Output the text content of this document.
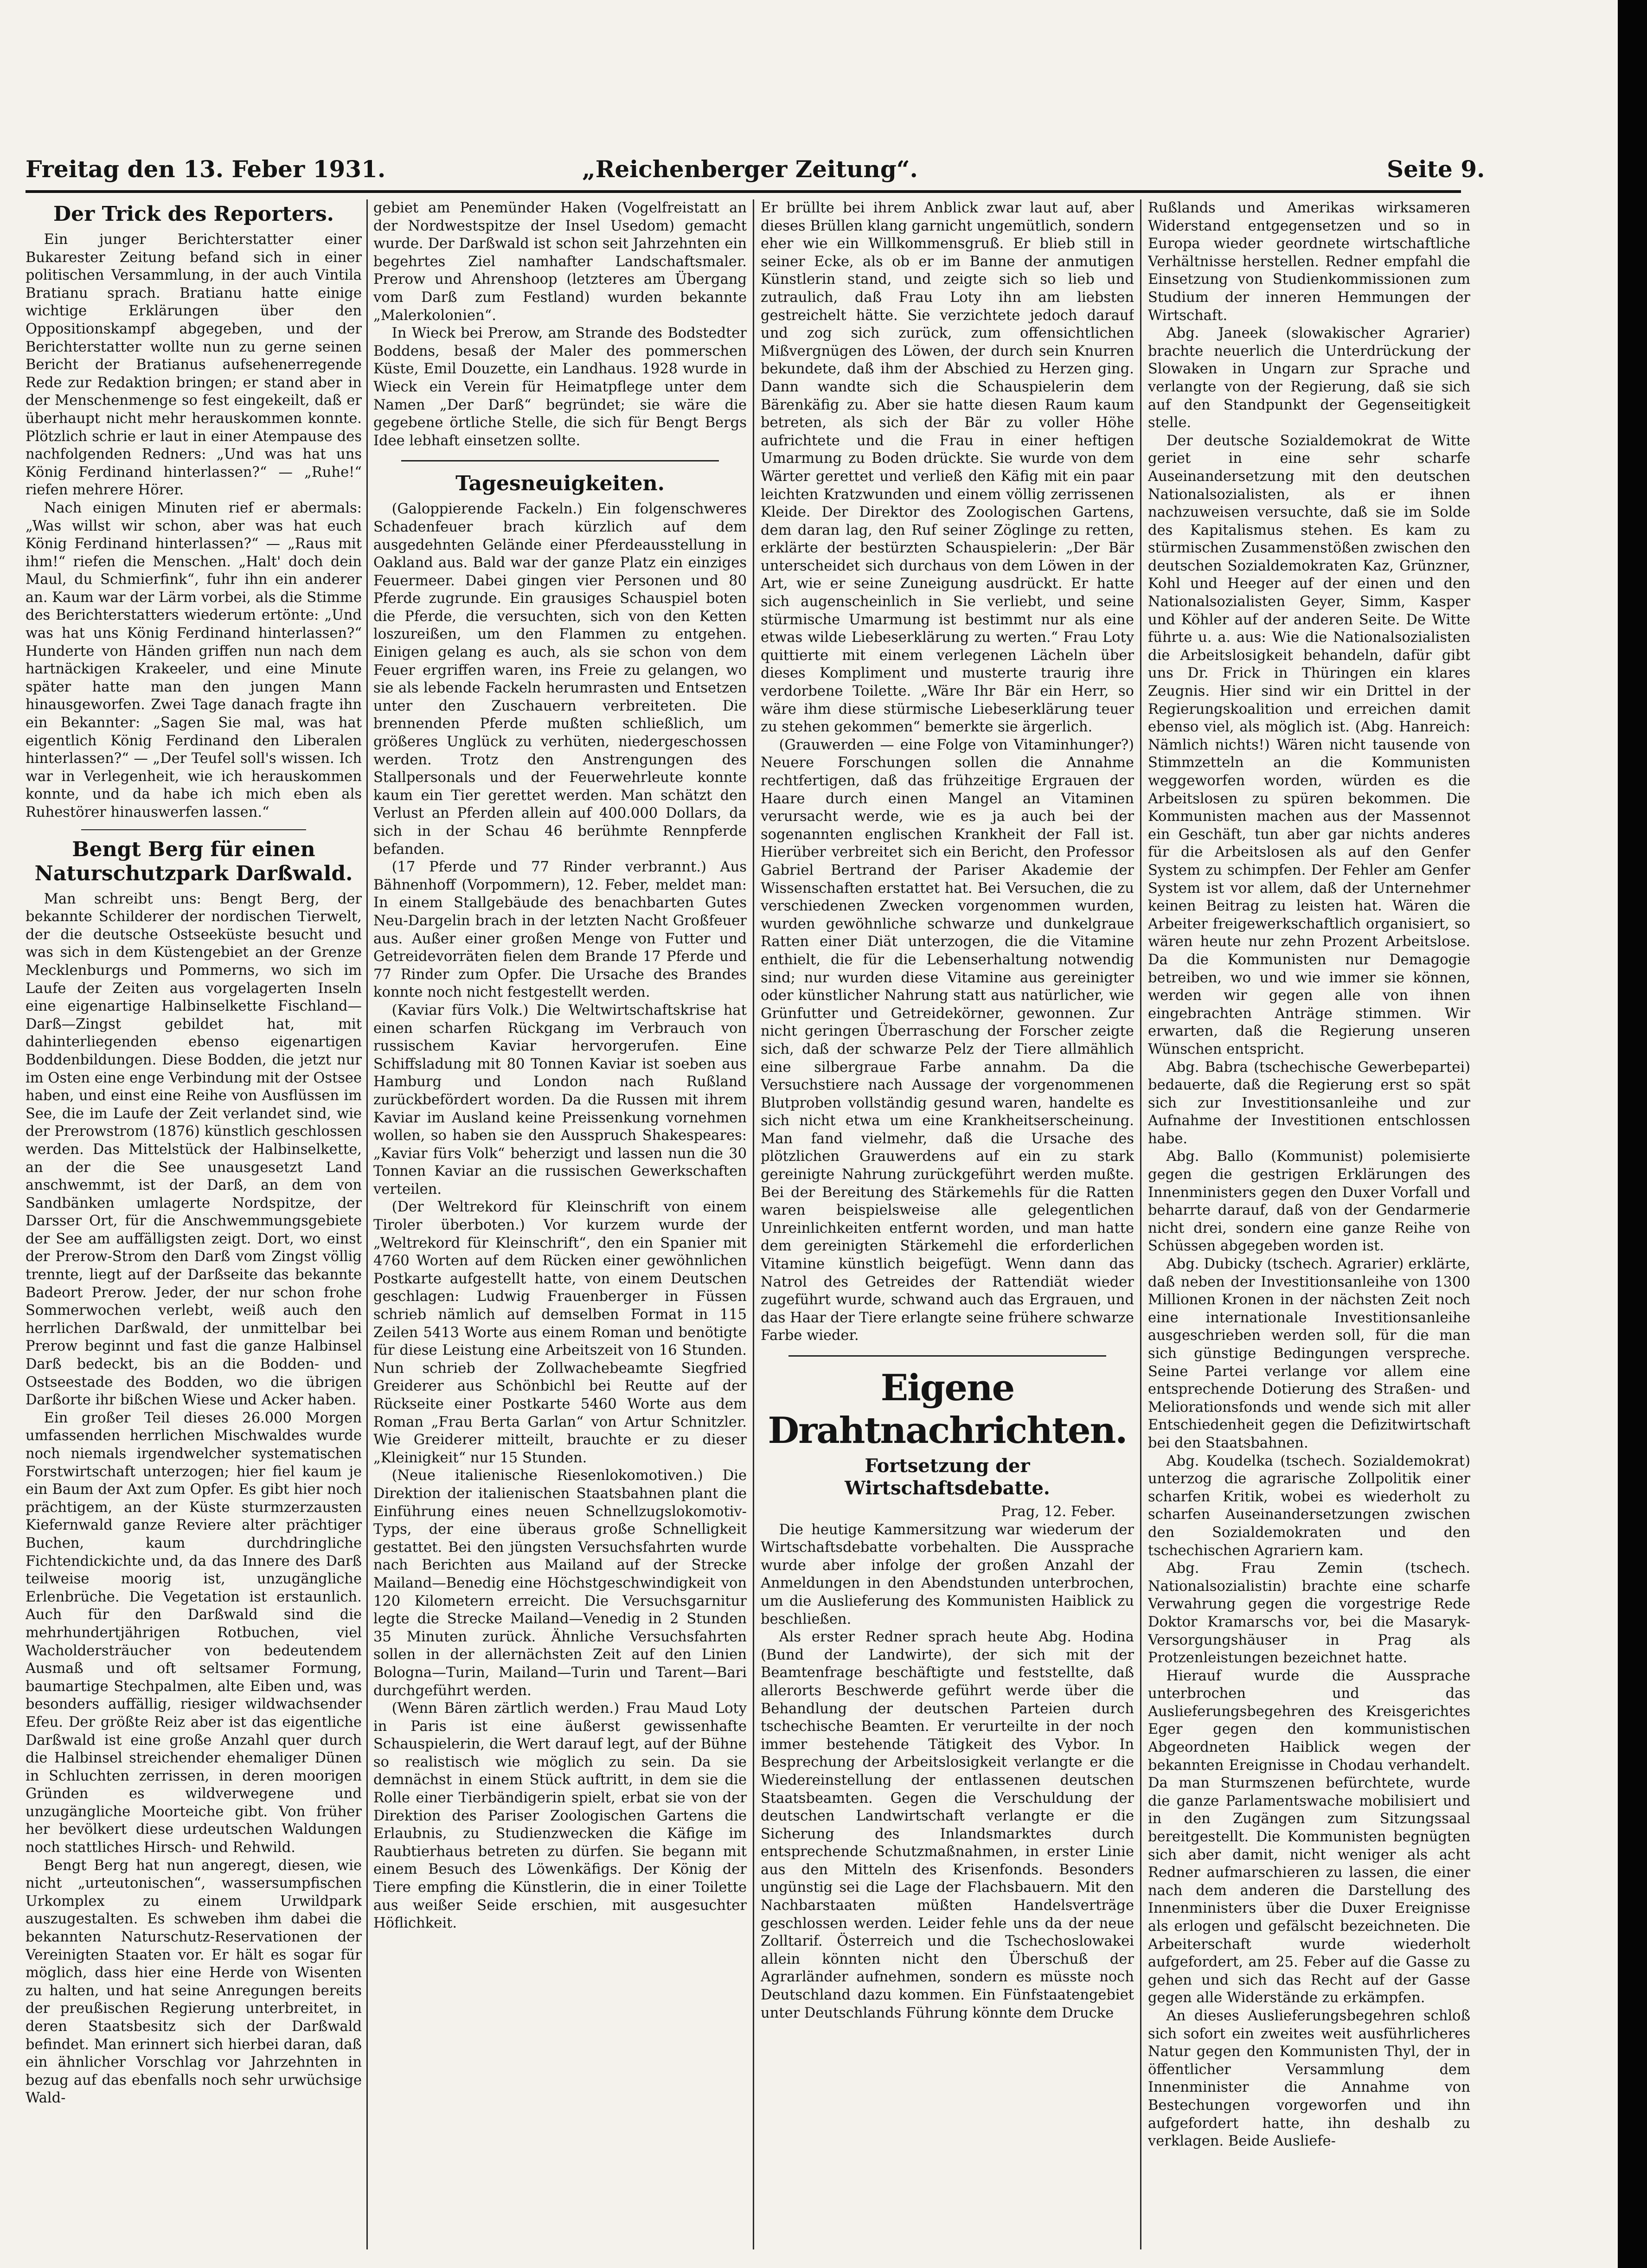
Freitag den 13. Feber 1931.	„Reichenberger Zeitung“.	Seite 9.
Der Trick des Reporters.

Ein junger Berichterstatter einer Bukarester Zeitung befand sich in einer politischen Versammlung, in der auch Vintila Bratianu sprach. Bratianu hatte einige wichtige Erklärungen über den Oppositionskampf abgegeben, und der Berichterstatter wollte nun zu gerne seinen Bericht der Bratianus aufsehenerregende Rede zur Redaktion bringen; er stand aber in der Menschenmenge so fest eingekeilt, daß er überhaupt nicht mehr herauskommen konnte. Plötzlich schrie er laut in einer Atempause des nachfolgenden Redners: „Und was hat uns König Ferdinand hinterlassen?“ — „Ruhe!“ riefen mehrere Hörer.

Nach einigen Minuten rief er abermals: „Was willst wir schon, aber was hat euch König Ferdinand hinterlassen?“ — „Raus mit ihm!“ riefen die Menschen. „Halt' doch dein Maul, du Schmierfink“, fuhr ihn ein anderer an. Kaum war der Lärm vorbei, als die Stimme des Berichterstatters wiederum ertönte: „Und was hat uns König Ferdinand hinterlassen?“ Hunderte von Händen griffen nun nach dem hartnäckigen Krakeeler, und eine Minute später hatte man den jungen Mann hinausgeworfen. Zwei Tage danach fragte ihn ein Bekannter: „Sagen Sie mal, was hat eigentlich König Ferdinand den Liberalen hinterlassen?“ — „Der Teufel soll's wissen. Ich war in Verlegenheit, wie ich herauskommen konnte, und da habe ich mich eben als Ruhestörer hinauswerfen lassen.“

Bengt Berg für einen Naturschutzpark Darßwald.

Man schreibt uns: Bengt Berg, der bekannte Schilderer der nordischen Tierwelt, der die deutsche Ostseeküste besucht und was sich in dem Küstengebiet an der Grenze Mecklenburgs und Pommerns, wo sich im Laufe der Zeiten aus vorgelagerten Inseln eine eigenartige Halbinselkette Fischland—Darß—Zingst gebildet hat, mit dahinterliegenden ebenso eigenartigen Boddenbildungen. Diese Bodden, die jetzt nur im Osten eine enge Verbindung mit der Ostsee haben, und einst eine Reihe von Ausflüssen im See, die im Laufe der Zeit verlandet sind, wie der Prerowstrom (1876) künstlich geschlossen werden. Das Mittelstück der Halbinselkette, an der die See unausgesetzt Land anschwemmt, ist der Darß, an dem von Sandbänken umlagerte Nordspitze, der Darsser Ort, für die Anschwemmungsgebiete der See am auffälligsten zeigt. Dort, wo einst der Prerow-Strom den Darß vom Zingst völlig trennte, liegt auf der Darßseite das bekannte Badeort Prerow. Jeder, der nur schon frohe Sommerwochen verlebt, weiß auch den herrlichen Darßwald, der unmittelbar bei Prerow beginnt und fast die ganze Halbinsel Darß bedeckt, bis an die Bodden- und Ostseestade des Bodden, wo die übrigen Darßorte ihr bißchen Wiese und Acker haben.

Ein großer Teil dieses 26.000 Morgen umfassenden herrlichen Mischwaldes wurde noch niemals irgendwelcher systematischen Forstwirtschaft unterzogen; hier fiel kaum je ein Baum der Axt zum Opfer. Es gibt hier noch prächtigem, an der Küste sturmzerzausten Kiefernwald ganze Reviere alter prächtiger Buchen, kaum durchdringliche Fichtendickichte und, da das Innere des Darß teilweise moorig ist, unzugängliche Erlenbrüche. Die Vegetation ist erstaunlich. Auch für den Darßwald sind die mehrhundertjährigen Rotbuchen, viel Wacholdersträucher von bedeutendem Ausmaß und oft seltsamer Formung, baumartige Stechpalmen, alte Eiben und, was besonders auffällig, riesiger wildwachsender Efeu. Der größte Reiz aber ist das eigentliche Darßwald ist eine große Anzahl quer durch die Halbinsel streichender ehemaliger Dünen in Schluchten zerrissen, in deren moorigen Gründen es wildverwegene und unzugängliche Moorteiche gibt. Von früher her bevölkert diese urdeutschen Waldungen noch stattliches Hirsch- und Rehwild.

Bengt Berg hat nun angeregt, diesen, wie nicht „urteutonischen“, wassersumpfischen Urkomplex zu einem Urwildpark auszugestalten. Es schweben ihm dabei die bekannten Naturschutz-Reservationen der Vereinigten Staaten vor. Er hält es sogar für möglich, dass hier eine Herde von Wisenten zu halten, und hat seine Anregungen bereits der preußischen Regierung unterbreitet, in deren Staatsbesitz sich der Darßwald befindet. Man erinnert sich hierbei daran, daß ein ähnlicher Vorschlag vor Jahrzehnten in bezug auf das ebenfalls noch sehr urwüchsige Wald-

gebiet am Penemünder Haken (Vogelfreistatt an der Nordwestspitze der Insel Usedom) gemacht wurde. Der Darßwald ist schon seit Jahrzehnten ein begehrtes Ziel namhafter Landschaftsmaler. Prerow und Ahrenshoop (letzteres am Übergang vom Darß zum Festland) wurden bekannte „Malerkolonien“.

In Wieck bei Prerow, am Strande des Bodstedter Boddens, besaß der Maler des pommerschen Küste, Emil Douzette, ein Landhaus. 1928 wurde in Wieck ein Verein für Heimatpflege unter dem Namen „Der Darß“ begründet; sie wäre die gegebene örtliche Stelle, die sich für Bengt Bergs Idee lebhaft einsetzen sollte.

Tagesneuigkeiten.

(Galoppierende Fackeln.) Ein folgenschweres Schadenfeuer brach kürzlich auf dem ausgedehnten Gelände einer Pferdeausstellung in Oakland aus. Bald war der ganze Platz ein einziges Feuermeer. Dabei gingen vier Personen und 80 Pferde zugrunde. Ein grausiges Schauspiel boten die Pferde, die versuchten, sich von den Ketten loszureißen, um den Flammen zu entgehen. Einigen gelang es auch, als sie schon von dem Feuer ergriffen waren, ins Freie zu gelangen, wo sie als lebende Fackeln herumrasten und Entsetzen unter den Zuschauern verbreiteten. Die brennenden Pferde mußten schließlich, um größeres Unglück zu verhüten, niedergeschossen werden. Trotz den Anstrengungen des Stallpersonals und der Feuerwehrleute konnte kaum ein Tier gerettet werden. Man schätzt den Verlust an Pferden allein auf 400.000 Dollars, da sich in der Schau 46 berühmte Rennpferde befanden.

(17 Pferde und 77 Rinder verbrannt.) Aus Bähnenhoff (Vorpommern), 12. Feber, meldet man: In einem Stallgebäude des benachbarten Gutes Neu-Dargelin brach in der letzten Nacht Großfeuer aus. Außer einer großen Menge von Futter und Getreidevorräten fielen dem Brande 17 Pferde und 77 Rinder zum Opfer. Die Ursache des Brandes konnte noch nicht festgestellt werden.

(Kaviar fürs Volk.) Die Weltwirtschaftskrise hat einen scharfen Rückgang im Verbrauch von russischem Kaviar hervorgerufen. Eine Schiffsladung mit 80 Tonnen Kaviar ist soeben aus Hamburg und London nach Rußland zurückbefördert worden. Da die Russen mit ihrem Kaviar im Ausland keine Preissenkung vornehmen wollen, so haben sie den Ausspruch Shakespeares: „Kaviar fürs Volk“ beherzigt und lassen nun die 30 Tonnen Kaviar an die russischen Gewerkschaften verteilen.

(Der Weltrekord für Kleinschrift von einem Tiroler überboten.) Vor kurzem wurde der „Weltrekord für Kleinschrift“, den ein Spanier mit 4760 Worten auf dem Rücken einer gewöhnlichen Postkarte aufgestellt hatte, von einem Deutschen geschlagen: Ludwig Frauenberger in Füssen schrieb nämlich auf demselben Format in 115 Zeilen 5413 Worte aus einem Roman und benötigte für diese Leistung eine Arbeitszeit von 16 Stunden. Nun schrieb der Zollwachebeamte Siegfried Greiderer aus Schönbichl bei Reutte auf der Rückseite einer Postkarte 5460 Worte aus dem Roman „Frau Berta Garlan“ von Artur Schnitzler. Wie Greiderer mitteilt, brauchte er zu dieser „Kleinigkeit“ nur 15 Stunden.

(Neue italienische Riesenlokomotiven.) Die Direktion der italienischen Staatsbahnen plant die Einführung eines neuen Schnellzugslokomotiv-Typs, der eine überaus große Schnelligkeit gestattet. Bei den jüngsten Versuchsfahrten wurde nach Berichten aus Mailand auf der Strecke Mailand—Benedig eine Höchstgeschwindigkeit von 120 Kilometern erreicht. Die Versuchsgarnitur legte die Strecke Mailand—Venedig in 2 Stunden 35 Minuten zurück. Ähnliche Versuchsfahrten sollen in der allernächsten Zeit auf den Linien Bologna—Turin, Mailand—Turin und Tarent—Bari durchgeführt werden.

(Wenn Bären zärtlich werden.) Frau Maud Loty in Paris ist eine äußerst gewissenhafte Schauspielerin, die Wert darauf legt, auf der Bühne so realistisch wie möglich zu sein. Da sie demnächst in einem Stück auftritt, in dem sie die Rolle einer Tierbändigerin spielt, erbat sie von der Direktion des Pariser Zoologischen Gartens die Erlaubnis, zu Studienzwecken die Käfige im Raubtierhaus betreten zu dürfen. Sie begann mit einem Besuch des Löwenkäfigs. Der König der Tiere empfing die Künstlerin, die in einer Toilette aus weißer Seide erschien, mit ausgesuchter Höflichkeit.

Er brüllte bei ihrem Anblick zwar laut auf, aber dieses Brüllen klang garnicht ungemütlich, sondern eher wie ein Willkommensgruß. Er blieb still in seiner Ecke, als ob er im Banne der anmutigen Künstlerin stand, und zeigte sich so lieb und zutraulich, daß Frau Loty ihn am liebsten gestreichelt hätte. Sie verzichtete jedoch darauf und zog sich zurück, zum offensichtlichen Mißvergnügen des Löwen, der durch sein Knurren bekundete, daß ihm der Abschied zu Herzen ging. Dann wandte sich die Schauspielerin dem Bärenkäfig zu. Aber sie hatte diesen Raum kaum betreten, als sich der Bär zu voller Höhe aufrichtete und die Frau in einer heftigen Umarmung zu Boden drückte. Sie wurde von dem Wärter gerettet und verließ den Käfig mit ein paar leichten Kratzwunden und einem völlig zerrissenen Kleide. Der Direktor des Zoologischen Gartens, dem daran lag, den Ruf seiner Zöglinge zu retten, erklärte der bestürzten Schauspielerin: „Der Bär unterscheidet sich durchaus von dem Löwen in der Art, wie er seine Zuneigung ausdrückt. Er hatte sich augenscheinlich in Sie verliebt, und seine stürmische Umarmung ist bestimmt nur als eine etwas wilde Liebeserklärung zu werten.“ Frau Loty quittierte mit einem verlegenen Lächeln über dieses Kompliment und musterte traurig ihre verdorbene Toilette. „Wäre Ihr Bär ein Herr, so wäre ihm diese stürmische Liebeserklärung teuer zu stehen gekommen“ bemerkte sie ärgerlich.

(Grauwerden — eine Folge von Vitaminhunger?) Neuere Forschungen sollen die Annahme rechtfertigen, daß das frühzeitige Ergrauen der Haare durch einen Mangel an Vitaminen verursacht werde, wie es ja auch bei der sogenannten englischen Krankheit der Fall ist. Hierüber verbreitet sich ein Bericht, den Professor Gabriel Bertrand der Pariser Akademie der Wissenschaften erstattet hat. Bei Versuchen, die zu verschiedenen Zwecken vorgenommen wurden, wurden gewöhnliche schwarze und dunkelgraue Ratten einer Diät unterzogen, die die Vitamine enthielt, die für die Lebenserhaltung notwendig sind; nur wurden diese Vitamine aus gereinigter oder künstlicher Nahrung statt aus natürlicher, wie Grünfutter und Getreidekörner, gewonnen. Zur nicht geringen Überraschung der Forscher zeigte sich, daß der schwarze Pelz der Tiere allmählich eine silbergraue Farbe annahm. Da die Versuchstiere nach Aussage der vorgenommenen Blutproben vollständig gesund waren, handelte es sich nicht etwa um eine Krankheitserscheinung. Man fand vielmehr, daß die Ursache des plötzlichen Grauwerdens auf ein zu stark gereinigte Nahrung zurückgeführt werden mußte. Bei der Bereitung des Stärkemehls für die Ratten waren beispielsweise alle gelegentlichen Unreinlichkeiten entfernt worden, und man hatte dem gereinigten Stärkemehl die erforderlichen Vitamine künstlich beigefügt. Wenn dann das Natrol des Getreides der Rattendiät wieder zugeführt wurde, schwand auch das Ergrauen, und das Haar der Tiere erlangte seine frühere schwarze Farbe wieder.

Eigene Drahtnachrichten.
Fortsetzung der Wirtschaftsdebatte.

Prag, 12. Feber.

Die heutige Kammersitzung war wiederum der Wirtschaftsdebatte vorbehalten. Die Aussprache wurde aber infolge der großen Anzahl der Anmeldungen in den Abendstunden unterbrochen, um die Auslieferung des Kommunisten Haiblick zu beschließen.

Als erster Redner sprach heute Abg. Hodina (Bund der Landwirte), der sich mit der Beamtenfrage beschäftigte und feststellte, daß allerorts Beschwerde geführt werde über die Behandlung der deutschen Parteien durch tschechische Beamten. Er verurteilte in der noch immer bestehende Tätigkeit des Vybor. In Besprechung der Arbeitslosigkeit verlangte er die Wiedereinstellung der entlassenen deutschen Staatsbeamten. Gegen die Verschuldung der deutschen Landwirtschaft verlangte er die Sicherung des Inlandsmarktes durch entsprechende Schutzmaßnahmen, in erster Linie aus den Mitteln des Krisenfonds. Besonders ungünstig sei die Lage der Flachsbauern. Mit den Nachbarstaaten müßten Handelsverträge geschlossen werden. Leider fehle uns da der neue Zolltarif. Österreich und die Tschechoslowakei allein könnten nicht den Überschuß der Agrarländer aufnehmen, sondern es müsste noch Deutschland dazu kommen. Ein Fünfstaatengebiet unter Deutschlands Führung könnte dem Drucke

Rußlands und Amerikas wirksameren Widerstand entgegensetzen und so in Europa wieder geordnete wirtschaftliche Verhältnisse herstellen. Redner empfahl die Einsetzung von Studienkommissionen zum Studium der inneren Hemmungen der Wirtschaft.

Abg. Janeek (slowakischer Agrarier) brachte neuerlich die Unterdrückung der Slowaken in Ungarn zur Sprache und verlangte von der Regierung, daß sie sich auf den Standpunkt der Gegenseitigkeit stelle.

Der deutsche Sozialdemokrat de Witte geriet in eine sehr scharfe Auseinandersetzung mit den deutschen Nationalsozialisten, als er ihnen nachzuweisen versuchte, daß sie im Solde des Kapitalismus stehen. Es kam zu stürmischen Zusammenstößen zwischen den deutschen Sozialdemokraten Kaz, Grünzner, Kohl und Heeger auf der einen und den Nationalsozialisten Geyer, Simm, Kasper und Köhler auf der anderen Seite. De Witte führte u. a. aus: Wie die Nationalsozialisten die Arbeitslosigkeit behandeln, dafür gibt uns Dr. Frick in Thüringen ein klares Zeugnis. Hier sind wir ein Drittel in der Regierungskoalition und erreichen damit ebenso viel, als möglich ist. (Abg. Hanreich: Nämlich nichts!) Wären nicht tausende von Stimmzetteln an die Kommunisten weggeworfen worden, würden es die Arbeitslosen zu spüren bekommen. Die Kommunisten machen aus der Massennot ein Geschäft, tun aber gar nichts anderes für die Arbeitslosen als auf den Genfer System zu schimpfen. Der Fehler am Genfer System ist vor allem, daß der Unternehmer keinen Beitrag zu leisten hat. Wären die Arbeiter freigewerkschaftlich organisiert, so wären heute nur zehn Prozent Arbeitslose. Da die Kommunisten nur Demagogie betreiben, wo und wie immer sie können, werden wir gegen alle von ihnen eingebrachten Anträge stimmen. Wir erwarten, daß die Regierung unseren Wünschen entspricht.

Abg. Babra (tschechische Gewerbepartei) bedauerte, daß die Regierung erst so spät sich zur Investitionsanleihe und zur Aufnahme der Investitionen entschlossen habe.

Abg. Ballo (Kommunist) polemisierte gegen die gestrigen Erklärungen des Innenministers gegen den Duxer Vorfall und beharrte darauf, daß von der Gendarmerie nicht drei, sondern eine ganze Reihe von Schüssen abgegeben worden ist.

Abg. Dubicky (tschech. Agrarier) erklärte, daß neben der Investitionsanleihe von 1300 Millionen Kronen in der nächsten Zeit noch eine internationale Investitionsanleihe ausgeschrieben werden soll, für die man sich günstige Bedingungen verspreche. Seine Partei verlange vor allem eine entsprechende Dotierung des Straßen- und Meliorationsfonds und wende sich mit aller Entschiedenheit gegen die Defizitwirtschaft bei den Staatsbahnen.

Abg. Koudelka (tschech. Sozialdemokrat) unterzog die agrarische Zollpolitik einer scharfen Kritik, wobei es wiederholt zu scharfen Auseinandersetzungen zwischen den Sozialdemokraten und den tschechischen Agrariern kam.

Abg. Frau Zemin (tschech. Nationalsozialistin) brachte eine scharfe Verwahrung gegen die vorgestrige Rede Doktor Kramarschs vor, bei die Masaryk-Versorgungshäuser in Prag als Protzenleistungen bezeichnet hatte.

Hierauf wurde die Aussprache unterbrochen und das Auslieferungsbegehren des Kreisgerichtes Eger gegen den kommunistischen Abgeordneten Haiblick wegen der bekannten Ereignisse in Chodau verhandelt. Da man Sturmszenen befürchtete, wurde die ganze Parlamentswache mobilisiert und in den Zugängen zum Sitzungssaal bereitgestellt. Die Kommunisten begnügten sich aber damit, nicht weniger als acht Redner aufmarschieren zu lassen, die einer nach dem anderen die Darstellung des Innenministers über die Duxer Ereignisse als erlogen und gefälscht bezeichneten. Die Arbeiterschaft wurde wiederholt aufgefordert, am 25. Feber auf die Gasse zu gehen und sich das Recht auf der Gasse gegen alle Widerstände zu erkämpfen.

An dieses Auslieferungsbegehren schloß sich sofort ein zweites weit ausführlicheres Natur gegen den Kommunisten Thyl, der in öffentlicher Versammlung dem Innenminister die Annahme von Bestechungen vorgeworfen und ihn aufgefordert hatte, ihn deshalb zu verklagen. Beide Ausliefe-
